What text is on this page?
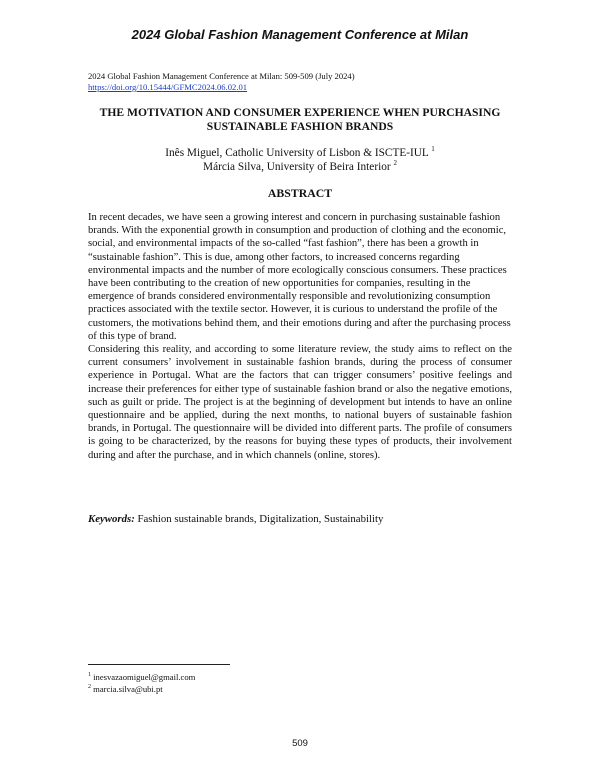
2024 Global Fashion Management Conference at Milan
2024 Global Fashion Management Conference at Milan: 509-509 (July 2024)
https://doi.org/10.15444/GFMC2024.06.02.01
THE MOTIVATION AND CONSUMER EXPERIENCE WHEN PURCHASING
SUSTAINABLE FASHION BRANDS
Inês Miguel, Catholic University of Lisbon & ISCTE-IUL $^1$
Márcia Silva, University of Beira Interior $^2$
ABSTRACT

In recent decades, we have seen a growing interest and concern in purchasing sustainable fashion brands. With the exponential growth in consumption and production of clothing and the economic, social, and environmental impacts of the so-called “fast fashion”, there has been a growth in “sustainable fashion”. This is due, among other factors, to increased concerns regarding environmental impacts and the number of more ecologically conscious consumers. These practices have been contributing to the creation of new opportunities for companies, resulting in the emergence of brands considered environmentally responsible and revolutionizing consumption practices associated with the textile sector. However, it is curious to understand the profile of the customers, the motivations behind them, and their emotions during and after the purchasing process of this type of brand.

Considering this reality, and according to some literature review, the study aims to reflect on the current consumers’ involvement in sustainable fashion brands, during the process of consumer experience in Portugal. What are the factors that can trigger consumers’ positive feelings and increase their preferences for either type of sustainable fashion brand or also the negative emotions, such as guilt or pride. The project is at the beginning of development but intends to have an online questionnaire and be applied, during the next months, to national buyers of sustainable fashion brands, in Portugal. The questionnaire will be divided into different parts. The profile of consumers is going to be characterized, by the reasons for buying these types of products, their involvement during and after the purchase, and in which channels (online, stores).

Keywords: Fashion sustainable brands, Digitalization, Sustainability
$^1$ inesvazaomiguel@gmail.com
$^2$ marcia.silva@ubi.pt
509
